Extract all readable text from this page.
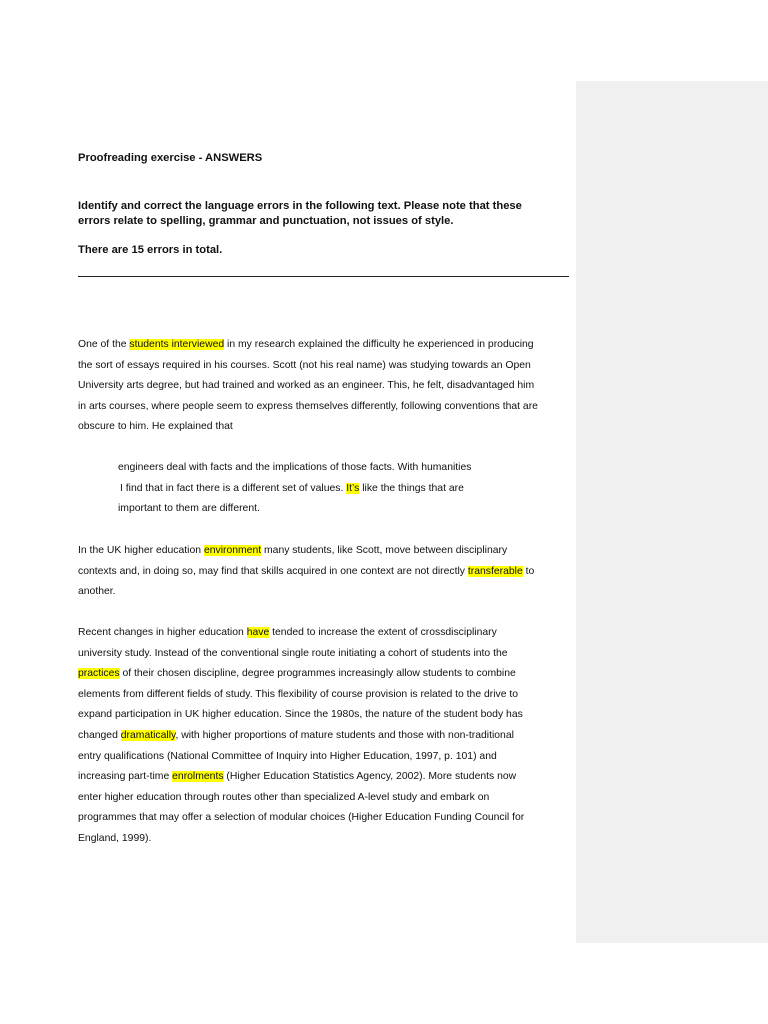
Proofreading exercise - ANSWERS
Identify and correct the language errors in the following text. Please note that these
errors relate to spelling, grammar and punctuation, not issues of style.
There are 15 errors in total.
One of the students interviewed in my research explained the difficulty he experienced in producing
the sort of essays required in his courses. Scott (not his real name) was studying towards an Open
University arts degree, but had trained and worked as an engineer. This, he felt, disadvantaged him
in arts courses, where people seem to express themselves differently, following conventions that are
obscure to him. He explained that
engineers deal with facts and the implications of those facts. With humanities
I find that in fact there is a different set of values. It’s like the things that are
important to them are different.
In the UK higher education environment many students, like Scott, move between disciplinary
contexts and, in doing so, may find that skills acquired in one context are not directly transferable to
another.
Recent changes in higher education have tended to increase the extent of crossdisciplinary
university study. Instead of the conventional single route initiating a cohort of students into the
practices of their chosen discipline, degree programmes increasingly allow students to combine
elements from different fields of study. This flexibility of course provision is related to the drive to
expand participation in UK higher education. Since the 1980s, the nature of the student body has
changed dramatically, with higher proportions of mature students and those with non-traditional
entry qualifications (National Committee of Inquiry into Higher Education, 1997, p. 101) and
increasing part-time enrolments (Higher Education Statistics Agency, 2002). More students now
enter higher education through routes other than specialized A-level study and embark on
programmes that may offer a selection of modular choices (Higher Education Funding Council for
England, 1999).
